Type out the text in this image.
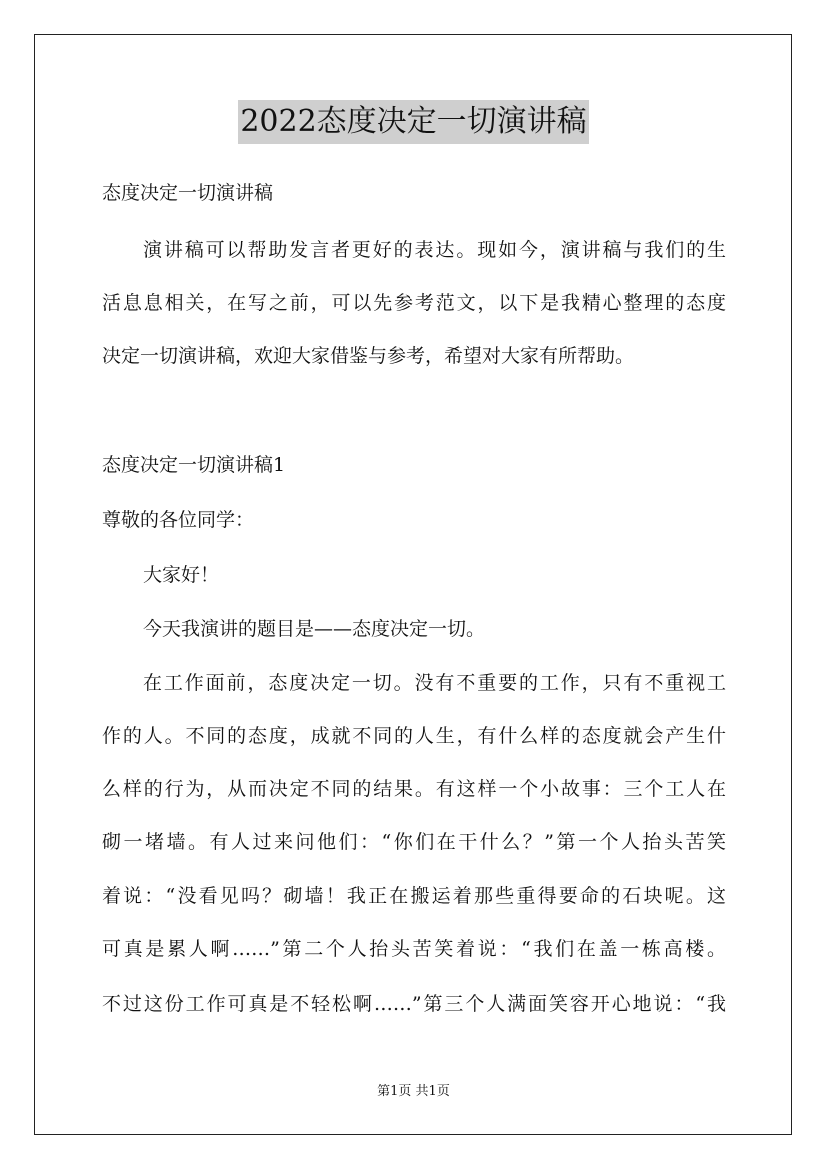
2022态度决定一切演讲稿
态度决定一切演讲稿
演讲稿可以帮助发言者更好的表达。现如今，演讲稿与我们的生
活息息相关，在写之前，可以先参考范文，以下是我精心整理的态度
决定一切演讲稿，欢迎大家借鉴与参考，希望对大家有所帮助。
态度决定一切演讲稿1
尊敬的各位同学：
大家好！
今天我演讲的题目是——态度决定一切。
在工作面前，态度决定一切。没有不重要的工作，只有不重视工
作的人。不同的态度，成就不同的人生，有什么样的态度就会产生什
么样的行为，从而决定不同的结果。有这样一个小故事：三个工人在
砌一堵墙。有人过来问他们：“你们在干什么？”第一个人抬头苦笑
着说：“没看见吗？砌墙！我正在搬运着那些重得要命的石块呢。这
可真是累人啊……”第二个人抬头苦笑着说：“我们在盖一栋高楼。
不过这份工作可真是不轻松啊……”第三个人满面笑容开心地说：“我
第1页 共1页
